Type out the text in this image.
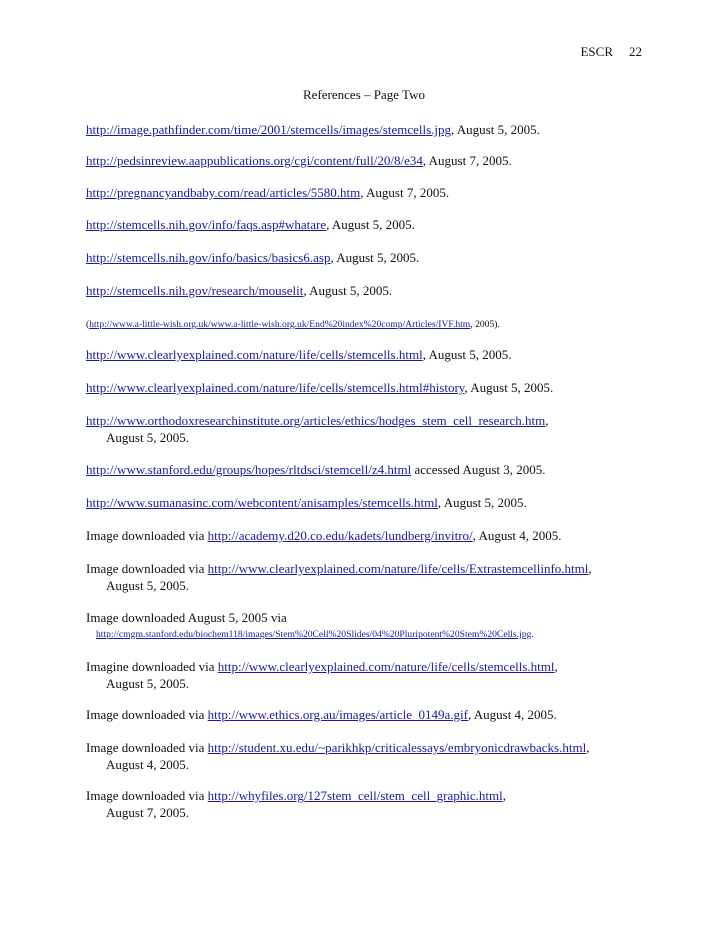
ESCR 22
References – Page Two
http://image.pathfinder.com/time/2001/stemcells/images/stemcells.jpg, August 5, 2005.
http://pedsinreview.aappublications.org/cgi/content/full/20/8/e34, August 7, 2005.
http://pregnancyandbaby.com/read/articles/5580.htm, August 7, 2005.
http://stemcells.nih.gov/info/faqs.asp#whatare, August 5, 2005.
http://stemcells.nih.gov/info/basics/basics6.asp, August 5, 2005.
http://stemcells.nih.gov/research/mouselit, August 5, 2005.
(http://www.a-little-wish.org.uk/www.a-little-wish.org.uk/End%20index%20comp/Articles/IVF.htm, 2005).
http://www.clearlyexplained.com/nature/life/cells/stemcells.html, August 5, 2005.
http://www.clearlyexplained.com/nature/life/cells/stemcells.html#history, August 5, 2005.
http://www.orthodoxresearchinstitute.org/articles/ethics/hodges_stem_cell_research.htm,
August 5, 2005.
http://www.stanford.edu/groups/hopes/rltdsci/stemcell/z4.html accessed August 3, 2005.
http://www.sumanasinc.com/webcontent/anisamples/stemcells.html, August 5, 2005.
Image downloaded via http://academy.d20.co.edu/kadets/lundberg/invitro/, August 4, 2005.
Image downloaded via http://www.clearlyexplained.com/nature/life/cells/Extrastemcellinfo.html,
August 5, 2005.
Image downloaded August 5, 2005 via
http://cmgm.stanford.edu/biochem118/images/Stem%20Cell%20Slides/04%20Pluripotent%20Stem%20Cells.jpg.
Imagine downloaded via http://www.clearlyexplained.com/nature/life/cells/stemcells.html,
August 5, 2005.
Image downloaded via http://www.ethics.org.au/images/article_0149a.gif, August 4, 2005.
Image downloaded via http://student.xu.edu/~parikhkp/criticalessays/embryonicdrawbacks.html,
August 4, 2005.
Image downloaded via http://whyfiles.org/127stem_cell/stem_cell_graphic.html,
August 7, 2005.
